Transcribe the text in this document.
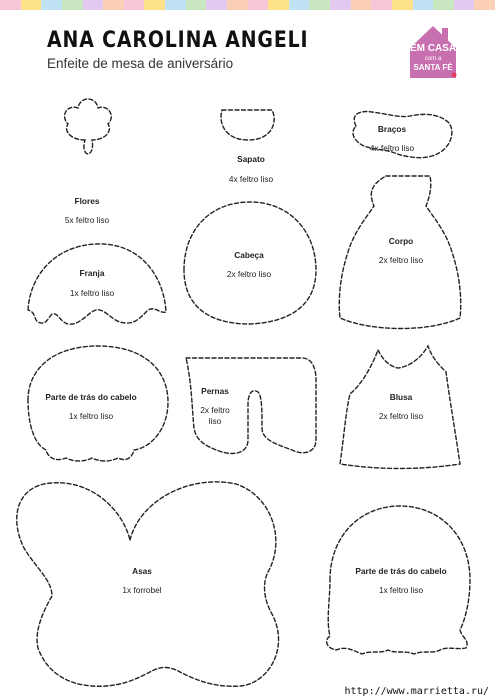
ANA CAROLINA ANGELI
Enfeite de mesa de aniversário
EM CASA
com a
SANTA FÉ
Flores
5x feltro liso
Sapato
4x feltro liso
Braços
4x feltro liso
Franja
1x feltro liso
Cabeça
2x feltro liso
Corpo
2x feltro liso
Parte de trás do cabelo
1x feltro liso
Pernas
2x feltro
liso
Blusa
2x feltro liso
Asas
1x forrobel
Parte de trás do cabelo
1x feltro liso
http://www.marrietta.ru/
